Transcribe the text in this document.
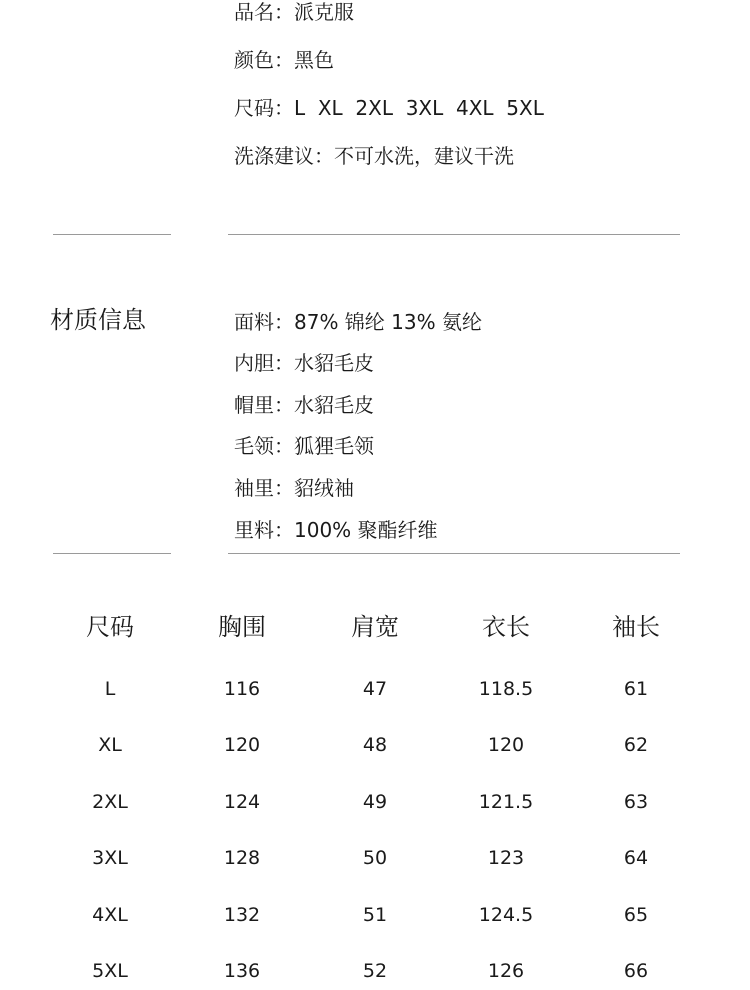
品名：派克服
颜色：黑色
尺码：L  XL  2XL  3XL  4XL  5XL
洗涤建议：不可水洗，建议干洗
材质信息	面料：87% 锦纶 13% 氨纶
内胆：水貂毛皮
帽里：水貂毛皮
毛领：狐狸毛领
袖里：貂绒袖
里料：100% 聚酯纤维
尺码	胸围	肩宽	衣长	袖长
L	116	47	118.5	61
XL	120	48	120	62
2XL	124	49	121.5	63
3XL	128	50	123	64
4XL	132	51	124.5	65
5XL	136	52	126	66
